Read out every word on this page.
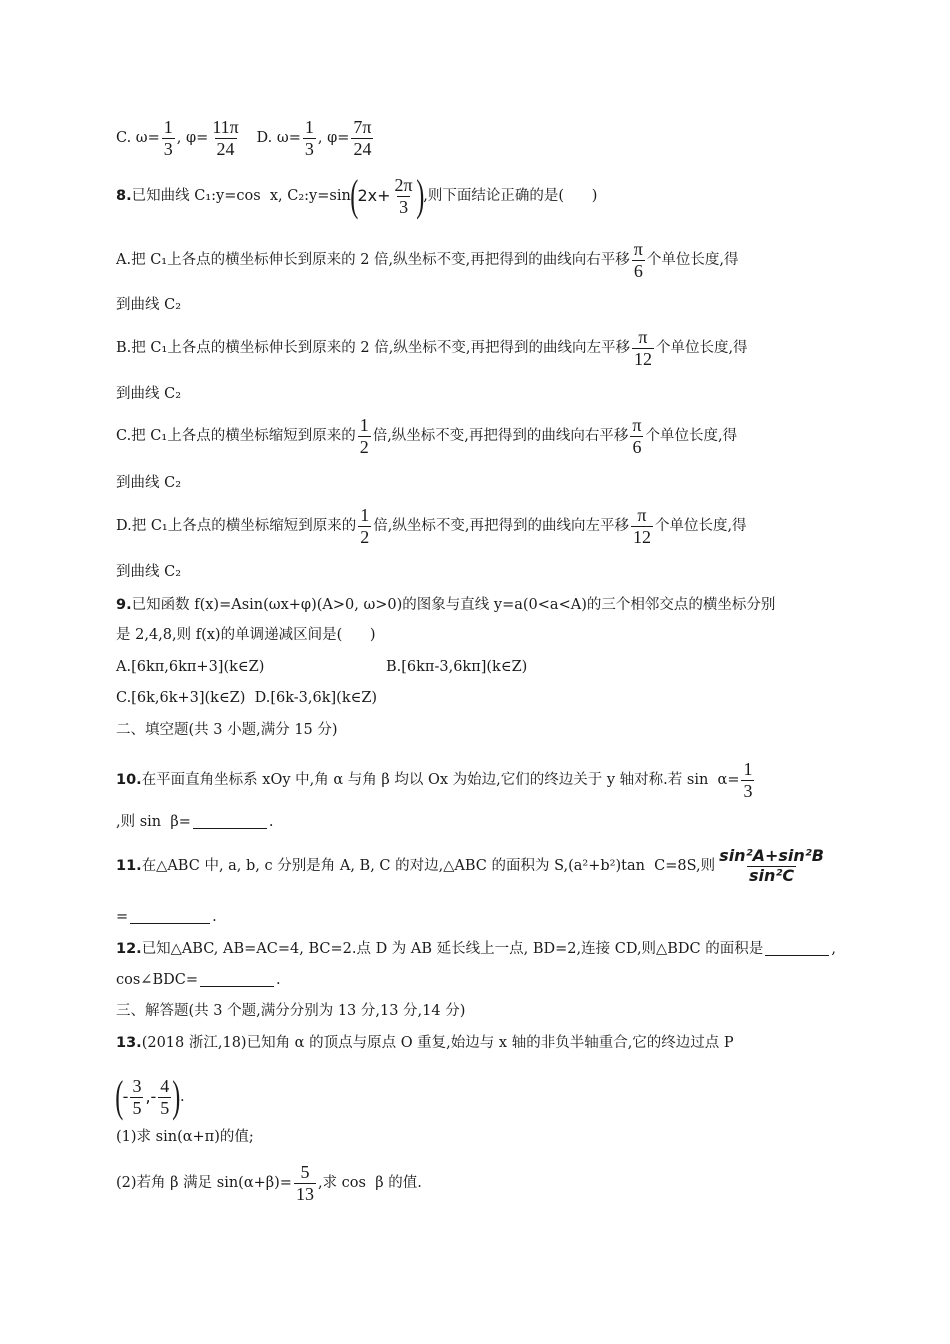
C. $\omega= \frac{1}{3}$ , $\varphi= \frac{11\pi}{24} D$. $\omega= \frac{1}{3}$ , $\varphi= \frac{7\pi}{24}$
8. 已知曲线 C₁:y=cos  x, C₂:y=sin ( $2x+ \frac{2\pi}{3}$ ) ,则下面结论正确的是(      )
A.把 C₁上各点的横坐标伸长到原来的 2 倍,纵坐标不变,再把得到的曲线向右平移 $\frac{\pi}{6}$ 个单位长度,得
到曲线 C₂
B.把 C₁上各点的横坐标伸长到原来的 2 倍,纵坐标不变,再把得到的曲线向左平移 $\frac{\pi}{12}$ 个单位长度,得
到曲线 C₂
C.把 C₁上各点的横坐标缩短到原来的 $\frac{1}{2}$ 倍,纵坐标不变,再把得到的曲线向右平移 $\frac{\pi}{6}$ 个单位长度,得
到曲线 C₂
D.把 C₁上各点的横坐标缩短到原来的 $\frac{1}{2}$ 倍,纵坐标不变,再把得到的曲线向左平移 $\frac{\pi}{12}$ 个单位长度,得
到曲线 C₂
9. 已知函数 f(x)=Asin(ωx+φ)(A>0, ω>0)的图象与直线 y=a(0<a<A)的三个相邻交点的横坐标分别
是 2,4,8,则 f(x)的单调递减区间是(      )
A.[6kπ,6kπ+3](k∈Z)	B.[6kπ-3,6kπ](k∈Z)
C.[6k,6k+3](k∈Z)  D.[6k-3,6k](k∈Z)
二、填空题(共 3 小题,满分 15 分)
10. 在平面直角坐标系 xOy 中,角 α 与角 β 均以 Ox 为始边,它们的终边关于 y 轴对称.若 $\sin \alpha= \frac{1}{3}$
,则 sin  β=	.
11. 在△ABC 中, a, b, c 分别是角 A, B, C 的对边,△ABC 的面积为 S,(a²+b²)tan  C=8S,则 $\frac{\text{sin²A+sin²B}}{\text{sin²C}}$
=	.
12. 已知△ABC, AB=AC=4, BC=2.点 D 为 AB 延长线上一点, BD=2,连接 CD,则△BDC 的面积是	,
cos∠BDC=	.
三、解答题(共 3 个题,满分分别为 13 分,13 分,14 分)
13. (2018 浙江,18)已知角 α 的顶点与原点 O 重复,始边与 x 轴的非负半轴重合,它的终边过点 P
( - $\frac{3}{5}$ ,- $\frac{4}{5}$ ) .
(1)求 sin(α+π)的值;
(2)若角 β 满足 $\sin(\alpha+\beta)= \frac{5}{13}$ ,求 cos  β 的值.
